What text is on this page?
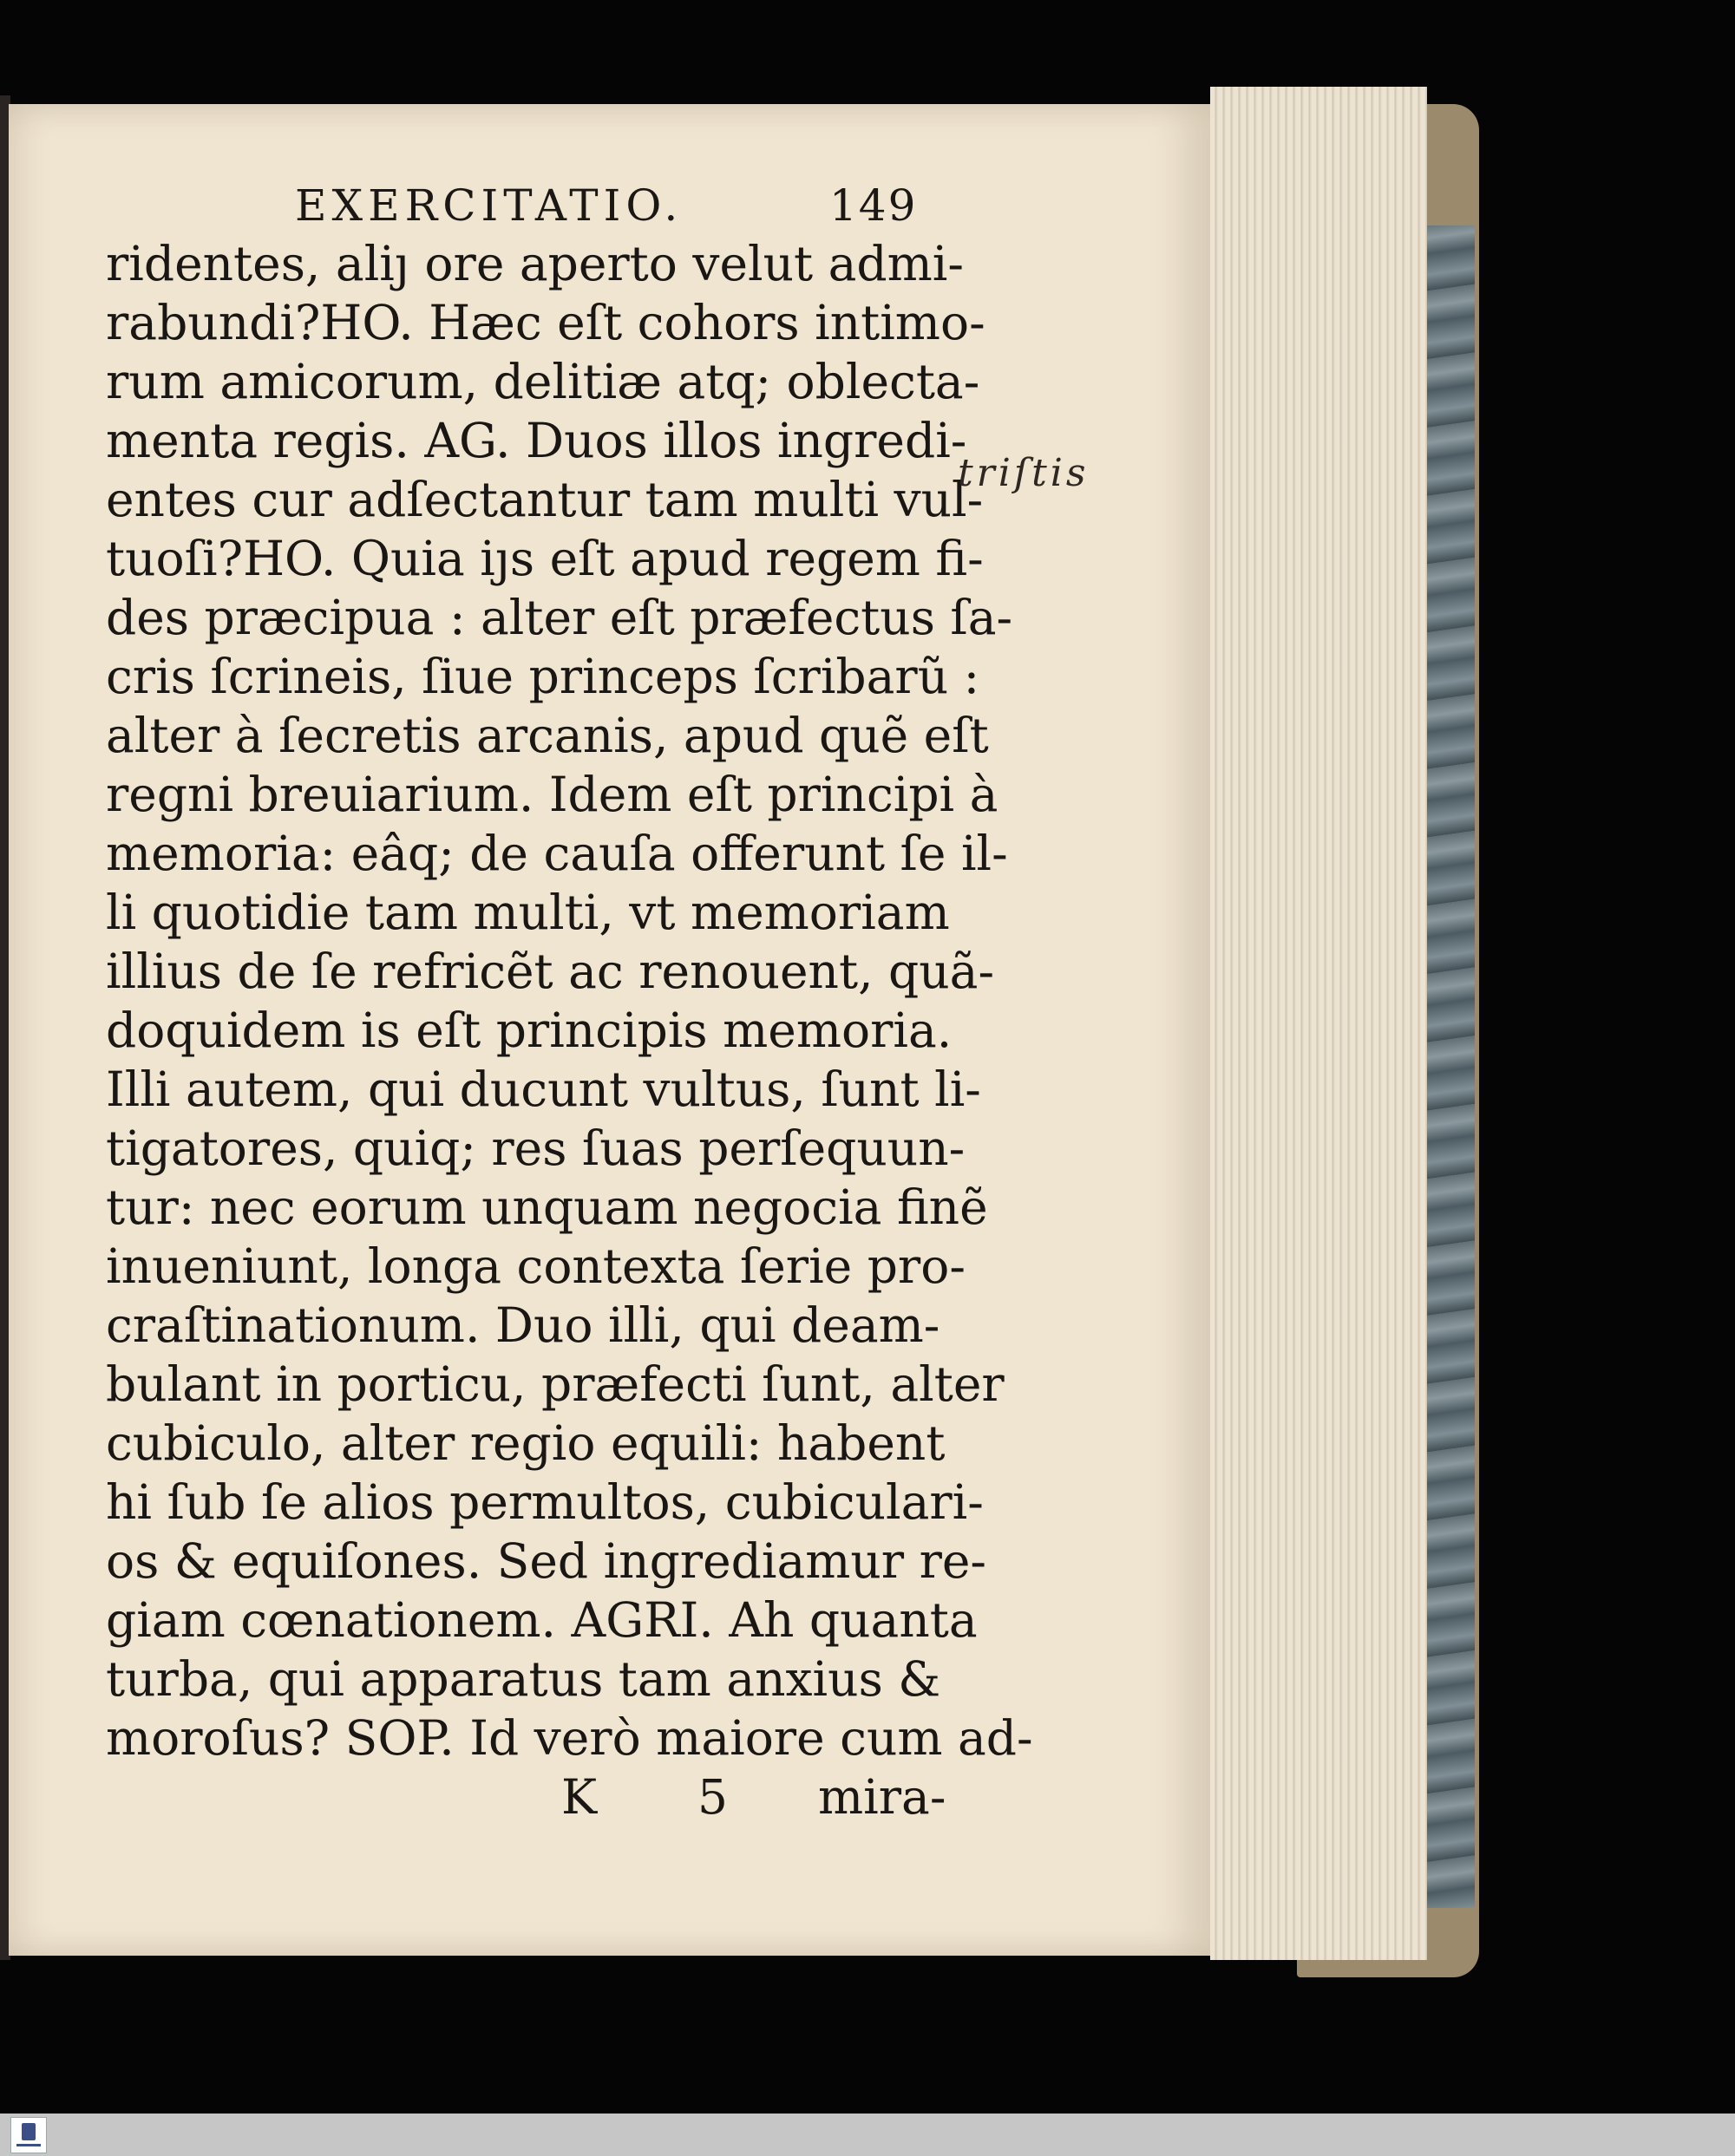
EXERCITATIO.	149
ridentes, aliȷ ore aperto velut admi-
rabundi?HO. Hæc eſt cohors intimo-
rum amicorum, delitiæ atq; oblecta-
menta regis. AG. Duos illos ingredi-
entes cur adſectantur tam multi vul-
tuoſi?HO. Quia iȷs eſt apud regem fi-
des præcipua : alter eſt præfectus ſa-
cris ſcrineis, ſiue princeps ſcribarũ :
alter à ſecretis arcanis, apud quẽ eſt
regni breuiarium. Idem eſt principi à
memoria: eâq; de cauſa offerunt ſe il-
li quotidie tam multi, vt memoriam
illius de ſe refricẽt ac renouent, quã-
doquidem is eſt principis memoria.
Illi autem, qui ducunt vultus, ſunt li-
tigatores, quiq; res ſuas perſequun-
tur: nec eorum unquam negocia finẽ
inueniunt, longa contexta ſerie pro-
craſtinationum. Duo illi, qui deam-
bulant in porticu, præfecti ſunt, alter
cubiculo, alter regio equili: habent
hi ſub ſe alios permultos, cubiculari-
os & equiſones. Sed ingrediamur re-
giam cœnationem. AGRI. Ah quanta
turba, qui apparatus tam anxius &
moroſus? SOP. Id verò maiore cum ad-
K 5 mira-
triſtis
